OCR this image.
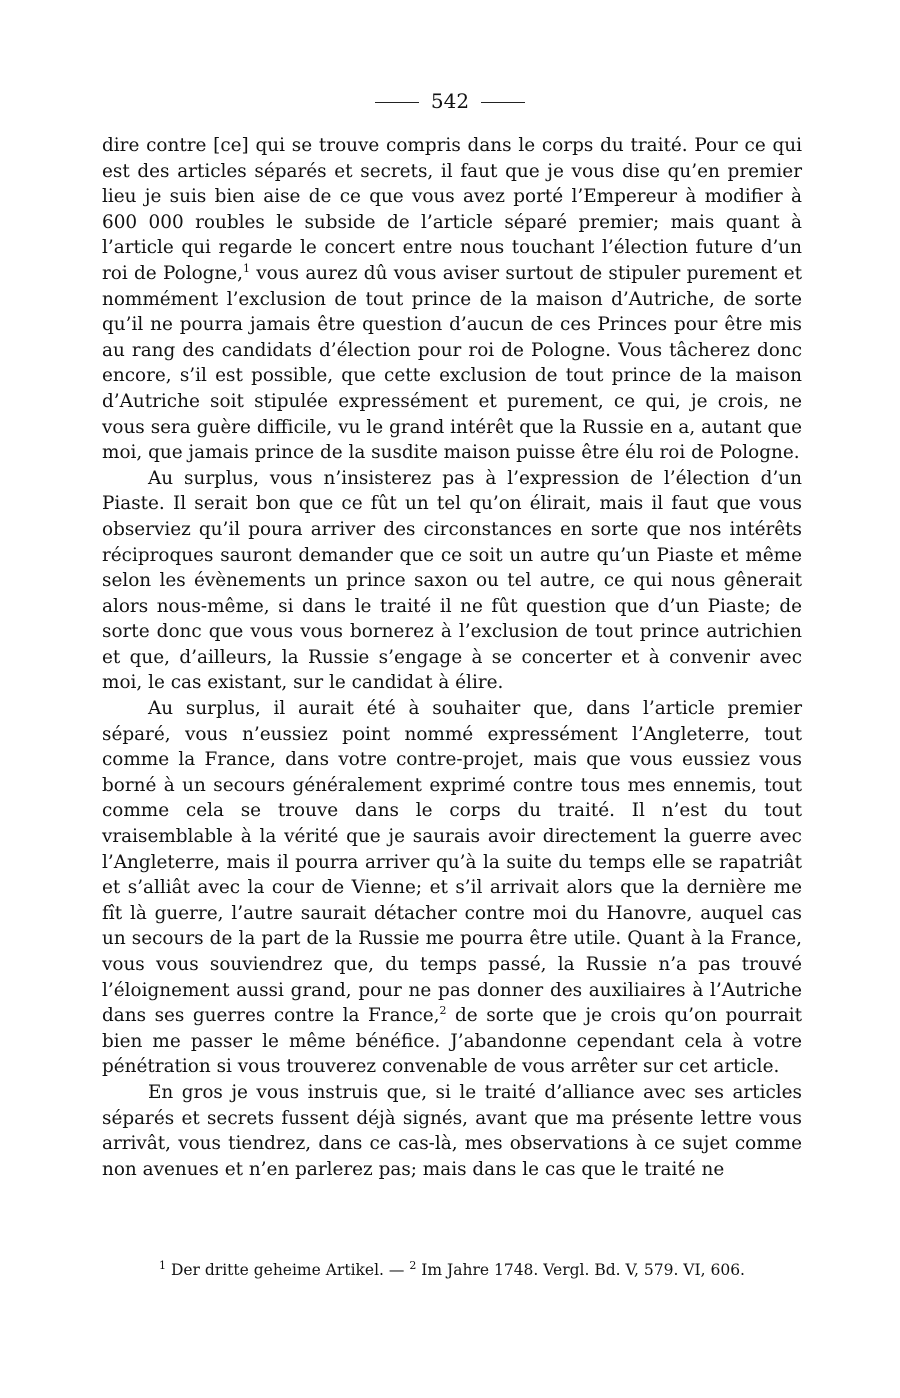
542

dire contre [ce] qui se trouve compris dans le corps du traité. Pour ce qui est des articles séparés et secrets, il faut que je vous dise qu’en premier lieu je suis bien aise de ce que vous avez porté l’Empereur à modifier à 600 000 roubles le subside de l’article séparé premier; mais quant à l’article qui regarde le concert entre nous touchant l’élection future d’un roi de Pologne,$^1$ vous aurez dû vous aviser surtout de stipuler purement et nommément l’exclusion de tout prince de la maison d’Autriche, de sorte qu’il ne pourra jamais être question d’aucun de ces Princes pour être mis au rang des candidats d’élection pour roi de Pologne. Vous tâcherez donc encore, s’il est possible, que cette exclusion de tout prince de la maison d’Autriche soit stipulée expressément et purement, ce qui, je crois, ne vous sera guère difficile, vu le grand intérêt que la Russie en a, autant que moi, que jamais prince de la susdite maison puisse être élu roi de Pologne.

Au surplus, vous n’insisterez pas à l’expression de l’élection d’un Piaste. Il serait bon que ce fût un tel qu’on élirait, mais il faut que vous observiez qu’il poura arriver des circonstances en sorte que nos intérêts réciproques sauront demander que ce soit un autre qu’un Piaste et même selon les évènements un prince saxon ou tel autre, ce qui nous gênerait alors nous-même, si dans le traité il ne fût question que d’un Piaste; de sorte donc que vous vous bornerez à l’exclusion de tout prince autrichien et que, d’ailleurs, la Russie s’engage à se concerter et à convenir avec moi, le cas existant, sur le candidat à élire.

Au surplus, il aurait été à souhaiter que, dans l’article premier séparé, vous n’eussiez point nommé expressément l’Angleterre, tout comme la France, dans votre contre-projet, mais que vous eussiez vous borné à un secours généralement exprimé contre tous mes ennemis, tout comme cela se trouve dans le corps du traité. Il n’est du tout vraisemblable à la vérité que je saurais avoir directement la guerre avec l’Angleterre, mais il pourra arriver qu’à la suite du temps elle se rapatriât et s’alliât avec la cour de Vienne; et s’il arrivait alors que la dernière me fît là guerre, l’autre saurait détacher contre moi du Hanovre, auquel cas un secours de la part de la Russie me pourra être utile. Quant à la France, vous vous souviendrez que, du temps passé, la Russie n’a pas trouvé l’éloignement aussi grand, pour ne pas donner des auxiliaires à l’Autriche dans ses guerres contre la France,$^2$ de sorte que je crois qu’on pourrait bien me passer le même bénéfice. J’abandonne cependant cela à votre pénétration si vous trouverez convenable de vous arrêter sur cet article.

En gros je vous instruis que, si le traité d’alliance avec ses articles séparés et secrets fussent déjà signés, avant que ma présente lettre vous arrivât, vous tiendrez, dans ce cas-là, mes observations à ce sujet comme non avenues et n’en parlerez pas; mais dans le cas que le traité ne

$^1$ Der dritte geheime Artikel. — $^2$ Im Jahre 1748. Vergl. Bd. V, 579. VI, 606.
